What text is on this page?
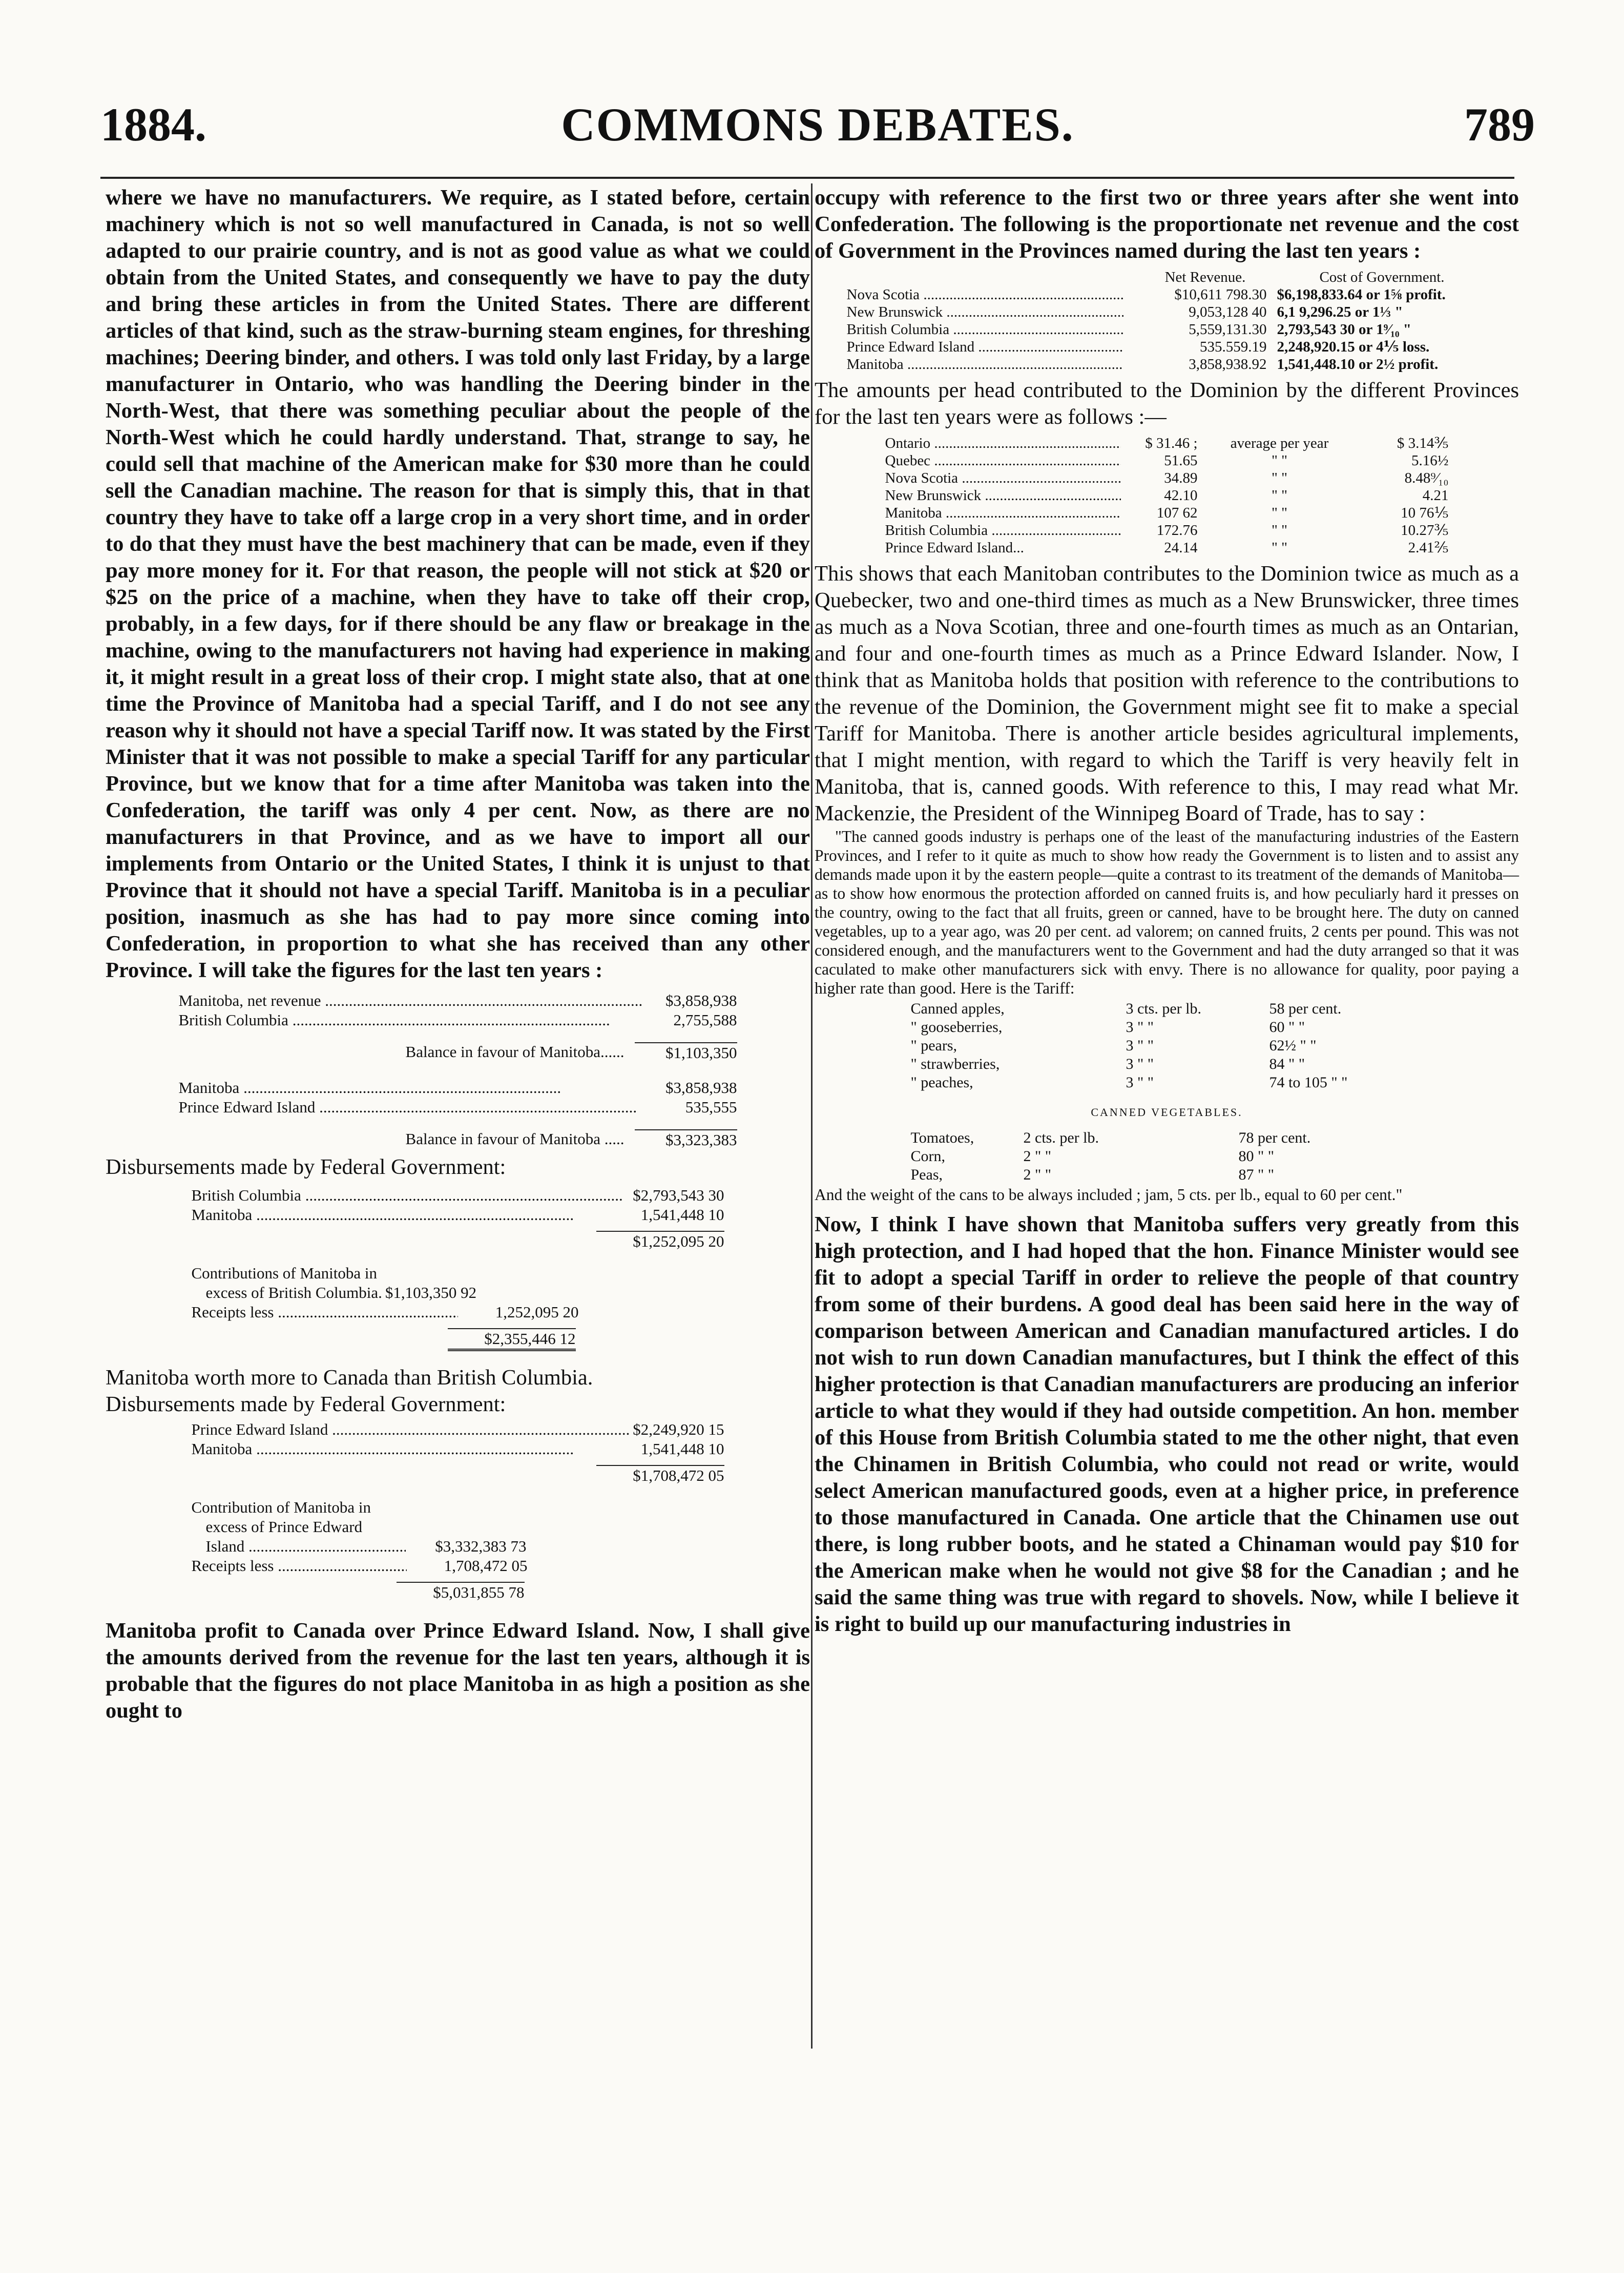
1884.	COMMONS DEBATES.	789

where we have no manufacturers. We require, as I stated before, certain machinery which is not so well manufactured in Canada, is not so well adapted to our prairie country, and is not as good value as what we could obtain from the United States, and consequently we have to pay the duty and bring these articles in from the United States. There are different articles of that kind, such as the straw-burning steam engines, for threshing machines; Deering binder, and others. I was told only last Friday, by a large manufacturer in Ontario, who was handling the Deering binder in the North-West, that there was something peculiar about the people of the North-West which he could hardly understand. That, strange to say, he could sell that machine of the American make for $30 more than he could sell the Canadian machine. The reason for that is simply this, that in that country they have to take off a large crop in a very short time, and in order to do that they must have the best machinery that can be made, even if they pay more money for it. For that reason, the people will not stick at $20 or $25 on the price of a machine, when they have to take off their crop, probably, in a few days, for if there should be any flaw or breakage in the machine, owing to the manufacturers not having had experience in making it, it might result in a great loss of their crop. I might state also, that at one time the Province of Manitoba had a special Tariff, and I do not see any reason why it should not have a special Tariff now. It was stated by the First Minister that it was not possible to make a special Tariff for any particular Province, but we know that for a time after Manitoba was taken into the Confederation, the tariff was only 4 per cent. Now, as there are no manufacturers in that Province, and as we have to import all our implements from Ontario or the United States, I think it is unjust to that Province that it should not have a special Tariff. Manitoba is in a peculiar position, inasmuch as she has had to pay more since coming into Confederation, in proportion to what she has received than any other Province. I will take the figures for the last ten years :

Manitoba, net revenue .....	$3,858,938
British Columbia .....	2,755,588
Balance in favour of Manitoba......	$1,103,350
Manitoba .....	$3,858,938
Prince Edward Island .....	535,555
Balance in favour of Manitoba .....	$3,323,383

Disbursements made by Federal Government:

British Columbia .....	$2,793,543 30
Manitoba .....	1,541,448 10
$1,252,095 20
Contributions of Manitoba in
excess of British Columbia. $1,103,350 92
Receipts less .....	1,252,095 20
$2,355,446 12

Manitoba worth more to Canada than British Columbia.

Disbursements made by Federal Government:

Prince Edward Island .....	$2,249,920 15
Manitoba .....	1,541,448 10
$1,708,472 05
Contribution of Manitoba in
excess of Prince Edward
Island .....	$3,332,383 73
Receipts less .....	1,708,472 05
$5,031,855 78

Manitoba profit to Canada over Prince Edward Island. Now, I shall give the amounts derived from the revenue for the last ten years, although it is probable that the figures do not place Manitoba in as high a position as she ought to

occupy with reference to the first two or three years after she went into Confederation. The following is the proportionate net revenue and the cost of Government in the Provinces named during the last ten years :

Net Revenue.	Cost of Government.
Nova Scotia .....	$10,611 798.30 $6,198,833.64 or 1⅝ profit.
New Brunswick .....	9,053,128 40 6,1 9,296.25 or 1⅓ "
British Columbia .....	5,559,131.30 2,793,543 30 or 1⁹⁄₁₀ "
Prince Edward Island .....	535.559.19 2,248,920.15 or 4⅕ loss.
Manitoba .....	3,858,938.92 1,541,448.10 or 2½ profit.

The amounts per head contributed to the Dominion by the different Provinces for the last ten years were as follows :—

Ontario .....	$ 31.46 ;	average per year	$ 3.14⅗
Quebec .....	51.65	" "	5.16½
Nova Scotia .....	34.89	" "	8.48⁹⁄₁₀
New Brunswick .....	42.10	" "	4.21
Manitoba .....	107 62	" "	10 76⅕
British Columbia .....	172.76	" "	10.27⅗
Prince Edward Island...	24.14	" "	2.41⅖

This shows that each Manitoban contributes to the Dominion twice as much as a Quebecker, two and one-third times as much as a New Brunswicker, three times as much as a Nova Scotian, three and one-fourth times as much as an Ontarian, and four and one-fourth times as much as a Prince Edward Islander. Now, I think that as Manitoba holds that position with reference to the contributions to the revenue of the Dominion, the Government might see fit to make a special Tariff for Manitoba. There is another article besides agricultural implements, that I might mention, with regard to which the Tariff is very heavily felt in Manitoba, that is, canned goods. With reference to this, I may read what Mr. Mackenzie, the President of the Winnipeg Board of Trade, has to say :

"The canned goods industry is perhaps one of the least of the manufacturing industries of the Eastern Provinces, and I refer to it quite as much to show how ready the Government is to listen and to assist any demands made upon it by the eastern people—quite a contrast to its treatment of the demands of Manitoba—as to show how enormous the protection afforded on canned fruits is, and how peculiarly hard it presses on the country, owing to the fact that all fruits, green or canned, have to be brought here. The duty on canned vegetables, up to a year ago, was 20 per cent. ad valorem; on canned fruits, 2 cents per pound. This was not considered enough, and the manufacturers went to the Government and had the duty arranged so that it was caculated to make other manufacturers sick with envy. There is no allowance for quality, poor paying a higher rate than good. Here is the Tariff:

Canned apples,	3 cts. per lb.	58 per cent.
" gooseberries,	3 " "	60 " "
" pears,	3 " "	62½ " "
" strawberries,	3 " "	84 " "
" peaches,	3 " "	74 to 105 " "
CANNED VEGETABLES.
Tomatoes,	2 cts. per lb.	78 per cent.
Corn,	2 " "	80 " "
Peas,	2 " "	87 " "

And the weight of the cans to be always included ; jam, 5 cts. per lb., equal to 60 per cent."

Now, I think I have shown that Manitoba suffers very greatly from this high protection, and I had hoped that the hon. Finance Minister would see fit to adopt a special Tariff in order to relieve the people of that country from some of their burdens. A good deal has been said here in the way of comparison between American and Canadian manufactured articles. I do not wish to run down Canadian manufactures, but I think the effect of this higher protection is that Canadian manufacturers are producing an inferior article to what they would if they had outside competition. An hon. member of this House from British Columbia stated to me the other night, that even the Chinamen in British Columbia, who could not read or write, would select American manufactured goods, even at a higher price, in preference to those manufactured in Canada. One article that the Chinamen use out there, is long rubber boots, and he stated a Chinaman would pay $10 for the American make when he would not give $8 for the Canadian ; and he said the same thing was true with regard to shovels. Now, while I believe it is right to build up our manufacturing industries in
